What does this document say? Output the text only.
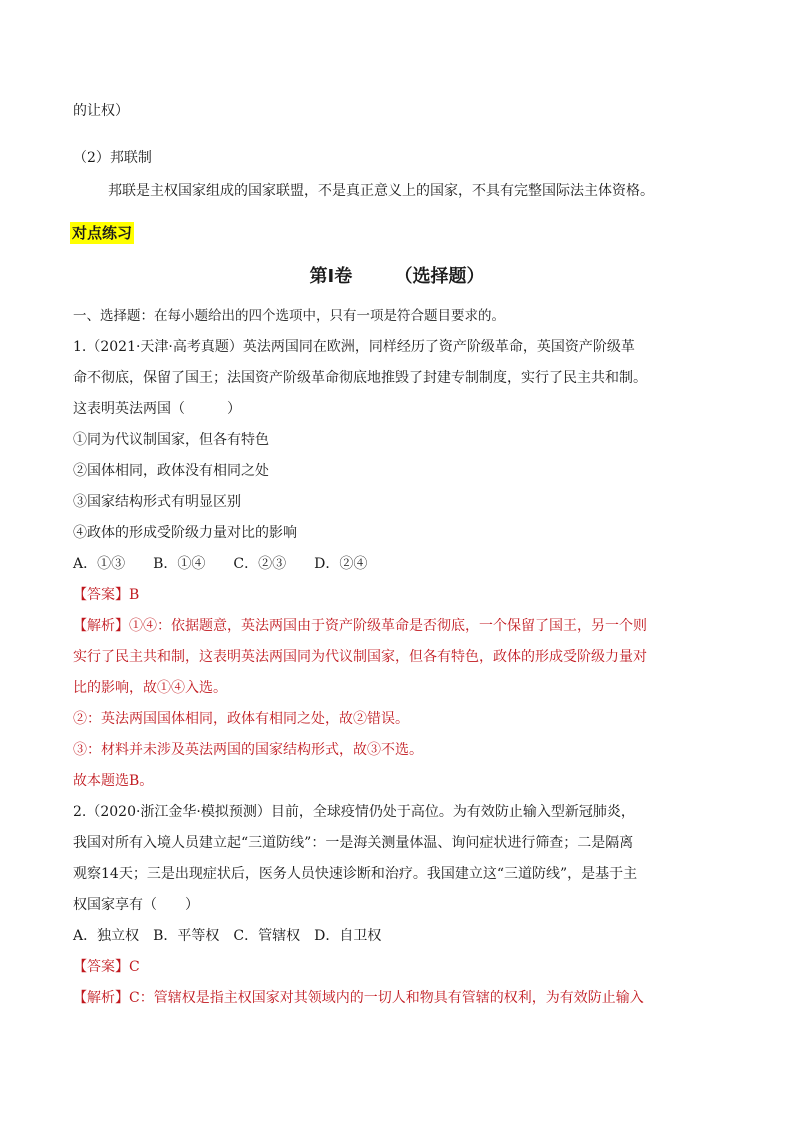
的让权）
（2）邦联制
邦联是主权国家组成的国家联盟，不是真正意义上的国家，不具有完整国际法主体资格。
对点练习
第Ⅰ卷 （选择题）
一、选择题：在每小题给出的四个选项中，只有一项是符合题目要求的。
1.（2021·天津·高考真题）英法两国同在欧洲，同样经历了资产阶级革命，英国资产阶级革
命不彻底，保留了国王；法国资产阶级革命彻底地推毁了封建专制制度，实行了民主共和制。
这表明英法两国（　　　）
①同为代议制国家，但各有特色
②国体相同，政体没有相同之处
③国家结构形式有明显区别
④政体的形成受阶级力量对比的影响
A．①③　　B．①④　　C．②③　　D．②④
【答案】B
【解析】①④：依据题意，英法两国由于资产阶级革命是否彻底，一个保留了国王，另一个则
实行了民主共和制，这表明英法两国同为代议制国家，但各有特色，政体的形成受阶级力量对
比的影响，故①④入选。
②：英法两国国体相同，政体有相同之处，故②错误。
③：材料并未涉及英法两国的国家结构形式，故③不选。
故本题选B。
2.（2020·浙江金华·模拟预测）目前，全球疫情仍处于高位。为有效防止输入型新冠肺炎，
我国对所有入境人员建立起“三道防线”：一是海关测量体温、询问症状进行筛查；二是隔离
观察14天；三是出现症状后，医务人员快速诊断和治疗。我国建立这“三道防线”，是基于主
权国家享有（　　）
A．独立权　B．平等权　C．管辖权　D．自卫权
【答案】C
【解析】C：管辖权是指主权国家对其领域内的一切人和物具有管辖的权利，为有效防止输入
